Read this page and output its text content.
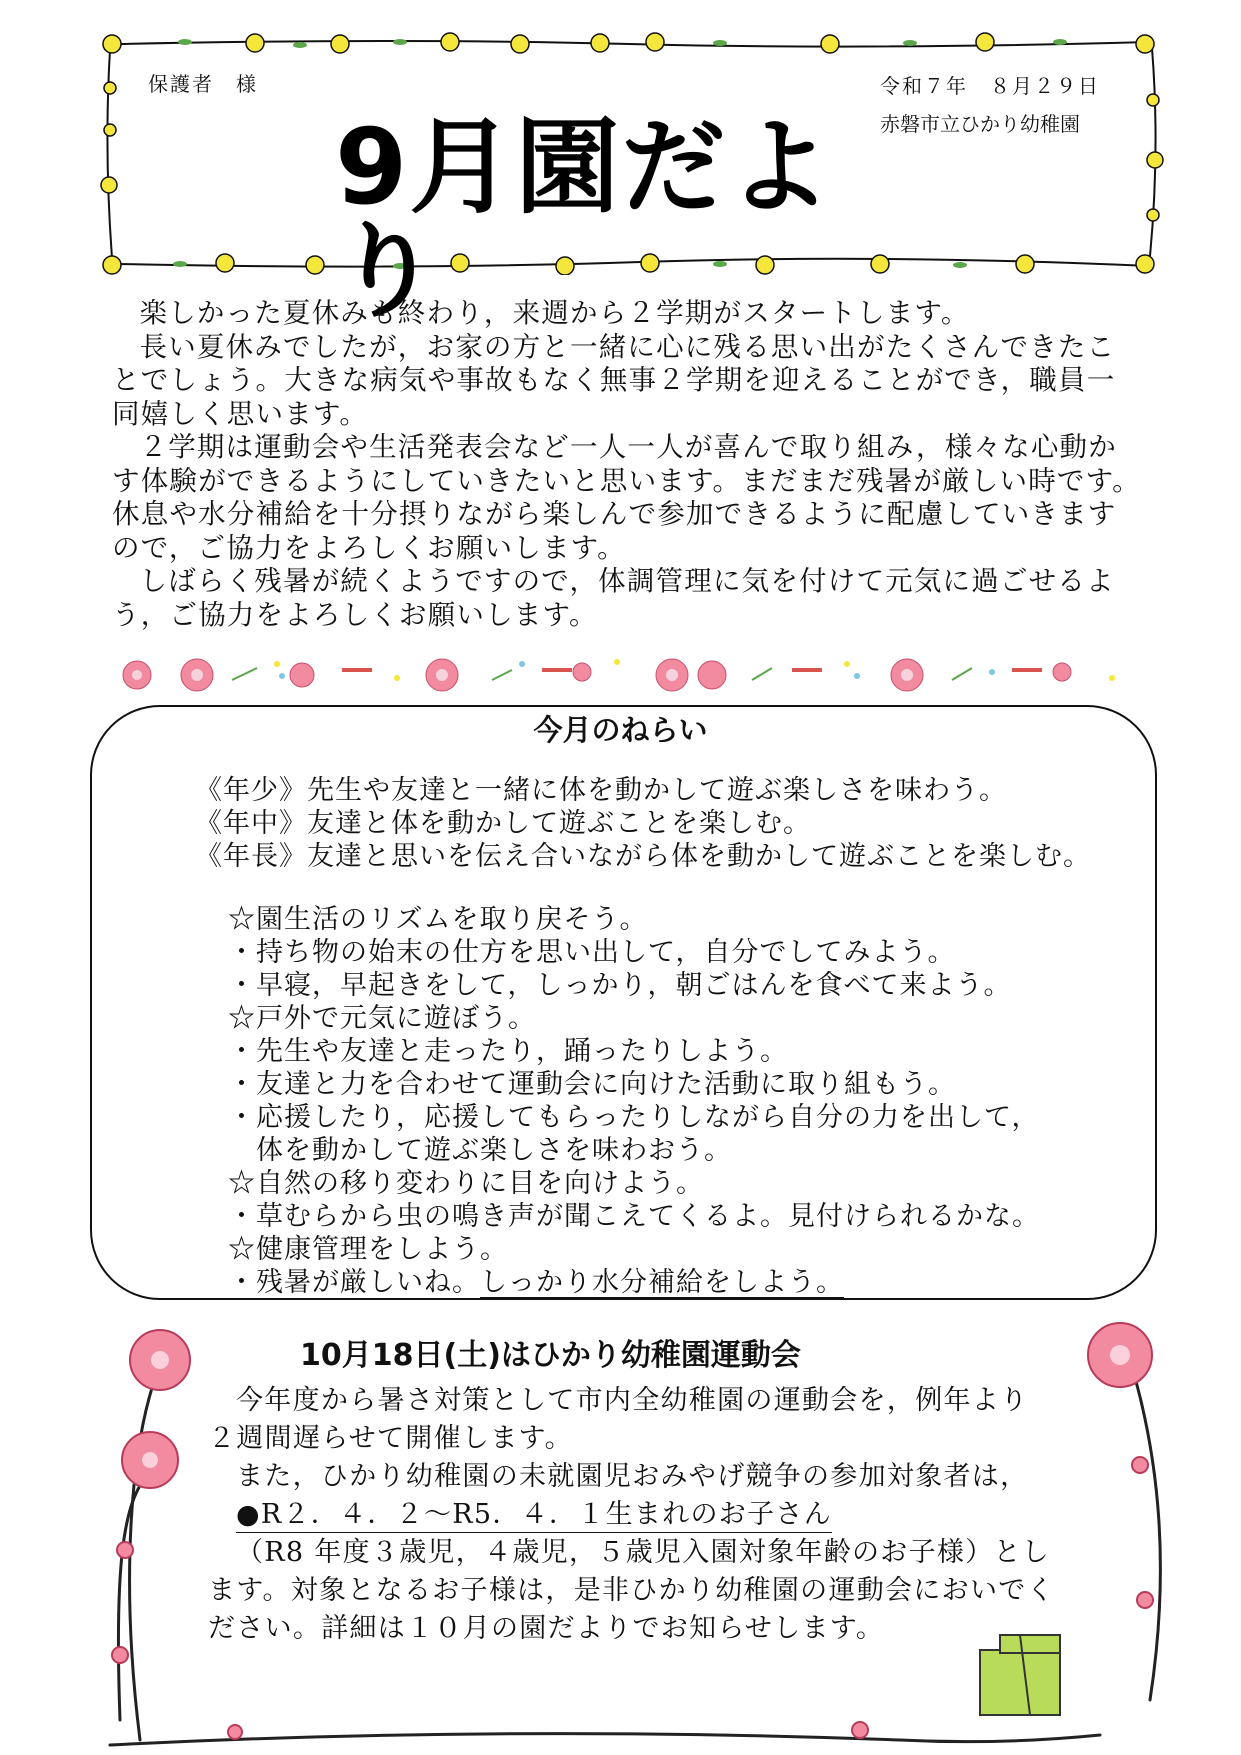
保護者　様	令和７年　８月２９日
赤磐市立ひかり幼稚園
9月園だより

楽しかった夏休みも終わり，来週から２学期がスタートします。

長い夏休みでしたが，お家の方と一緒に心に残る思い出がたくさんできたことでしょう。大きな病気や事故もなく無事２学期を迎えることができ，職員一同嬉しく思います。

２学期は運動会や生活発表会など一人一人が喜んで取り組み，様々な心動かす体験ができるようにしていきたいと思います。まだまだ残暑が厳しい時です。休息や水分補給を十分摂りながら楽しんで参加できるように配慮していきますので，ご協力をよろしくお願いします。

しばらく残暑が続くようですので，体調管理に気を付けて元気に過ごせるよう，ご協力をよろしくお願いします。

今月のねらい
《年少》先生や友達と一緒に体を動かして遊ぶ楽しさを味わう。
《年中》友達と体を動かして遊ぶことを楽しむ。
《年長》友達と思いを伝え合いながら体を動かして遊ぶことを楽しむ。
☆園生活のリズムを取り戻そう。
・持ち物の始末の仕方を思い出して，自分でしてみよう。
・早寝，早起きをして，しっかり，朝ごはんを食べて来よう。
☆戸外で元気に遊ぼう。
・先生や友達と走ったり，踊ったりしよう。
・友達と力を合わせて運動会に向けた活動に取り組もう。
・応援したり，応援してもらったりしながら自分の力を出して，
　体を動かして遊ぶ楽しさを味わおう。
☆自然の移り変わりに目を向けよう。
・草むらから虫の鳴き声が聞こえてくるよ。見付けられるかな。
☆健康管理をしよう。
・残暑が厳しいね。しっかり水分補給をしよう。
10月18日(土)はひかり幼稚園運動会
今年度から暑さ対策として市内全幼稚園の運動会を，例年より
２週間遅らせて開催します。
また，ひかり幼稚園の未就園児おみやげ競争の参加対象者は，
●R２．４．２～R5．４．１生まれのお子さん
（R8 年度３歳児，４歳児，５歳児入園対象年齢のお子様）とし
ます。対象となるお子様は，是非ひかり幼稚園の運動会においでく
ださい。詳細は１０月の園だよりでお知らせします。
